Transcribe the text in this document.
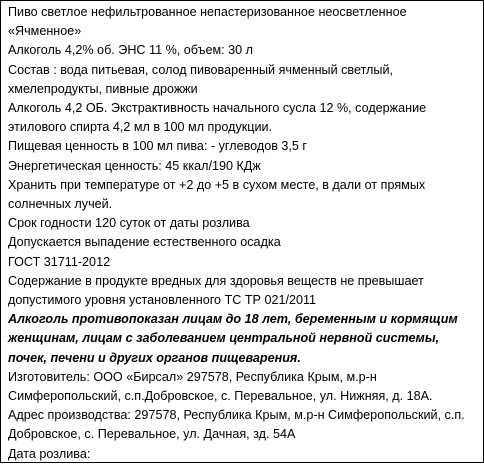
Пиво светлое нефильтрованное непастеризованное неосветленное «Ячменное»

Алкоголь 4,2% об. ЭНС 11 %, объем: 30 л

Состав : вода питьевая, солод пивоваренный ячменный светлый, хмелепродукты, пивные дрожжи

Алкоголь 4,2 ОБ. Экстрактивность начального сусла 12 %, содержание этилового спирта 4,2 мл в 100 мл продукции.

Пищевая ценность в 100 мл пива: - углеводов 3,5 г

Энергетическая ценность: 45 ккал/190 КДж

Хранить при температуре от +2 до +5 в сухом месте, в дали от прямых солнечных лучей.

Срок годности 120 суток от даты розлива

Допускается выпадение естественного осадка

ГОСТ 31711-2012

Содержание в продукте вредных для здоровья веществ не превышает допустимого уровня установленного ТС ТР 021/2011

Алкоголь противопоказан лицам до 18 лет, беременным и кормящим женщинам, лицам с заболеванием центральной нервной системы, почек, печени и других органов пищеварения.

Изготовитель: ООО «Бирсал» 297578, Республика Крым, м.р-н Симферопольский, с.п.Добровское, с. Перевальное, ул. Нижняя, д. 18А.

Адрес производства: 297578, Республика Крым, м.р-н Симферопольский, с.п. Добровское, с. Перевальное, ул. Дачная, зд. 54А

Дата розлива:
